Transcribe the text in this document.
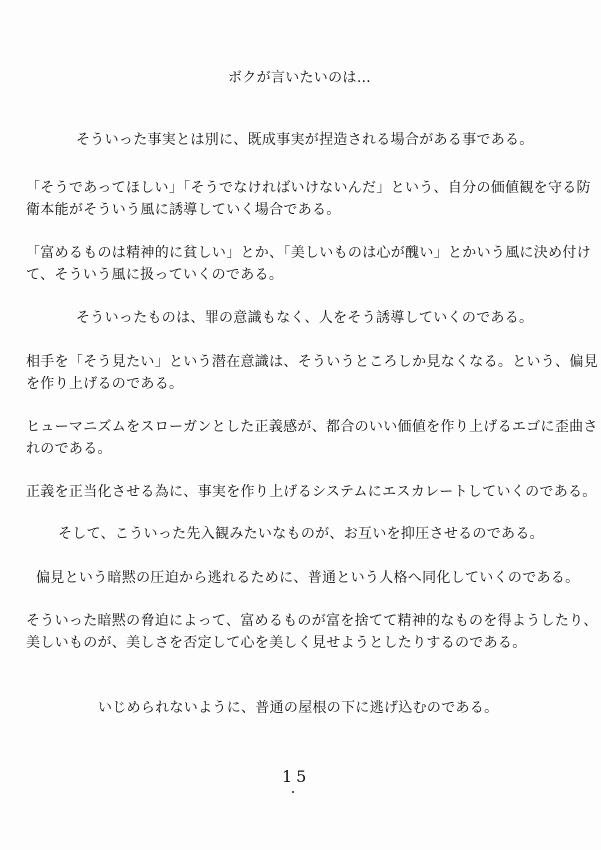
ボクが言いたいのは…
そういった事実とは別に、既成事実が捏造される場合がある事である。
「そうであってほしい」「そうでなければいけないんだ」という、自分の価値観を守る防
衛本能がそういう風に誘導していく場合である。
「富めるものは精神的に貧しい」とか、「美しいものは心が醜い」とかいう風に決め付け
て、そういう風に扱っていくのである。
そういったものは、罪の意識もなく、人をそう誘導していくのである。
相手を「そう見たい」という潜在意識は、そういうところしか見なくなる。という、偏見
を作り上げるのである。
ヒューマニズムをスローガンとした正義感が、都合のいい価値を作り上げるエゴに歪曲さ
れのである。
正義を正当化させる為に、事実を作り上げるシステムにエスカレートしていくのである。
そして、こういった先入観みたいなものが、お互いを抑圧させるのである。
偏見という暗黙の圧迫から逃れるために、普通という人格へ同化していくのである。
そういった暗黙の脅迫によって、富めるものが富を捨てて精神的なものを得ようしたり、
美しいものが、美しさを否定して心を美しく見せようとしたりするのである。
いじめられないように、普通の屋根の下に逃げ込むのである。
15
